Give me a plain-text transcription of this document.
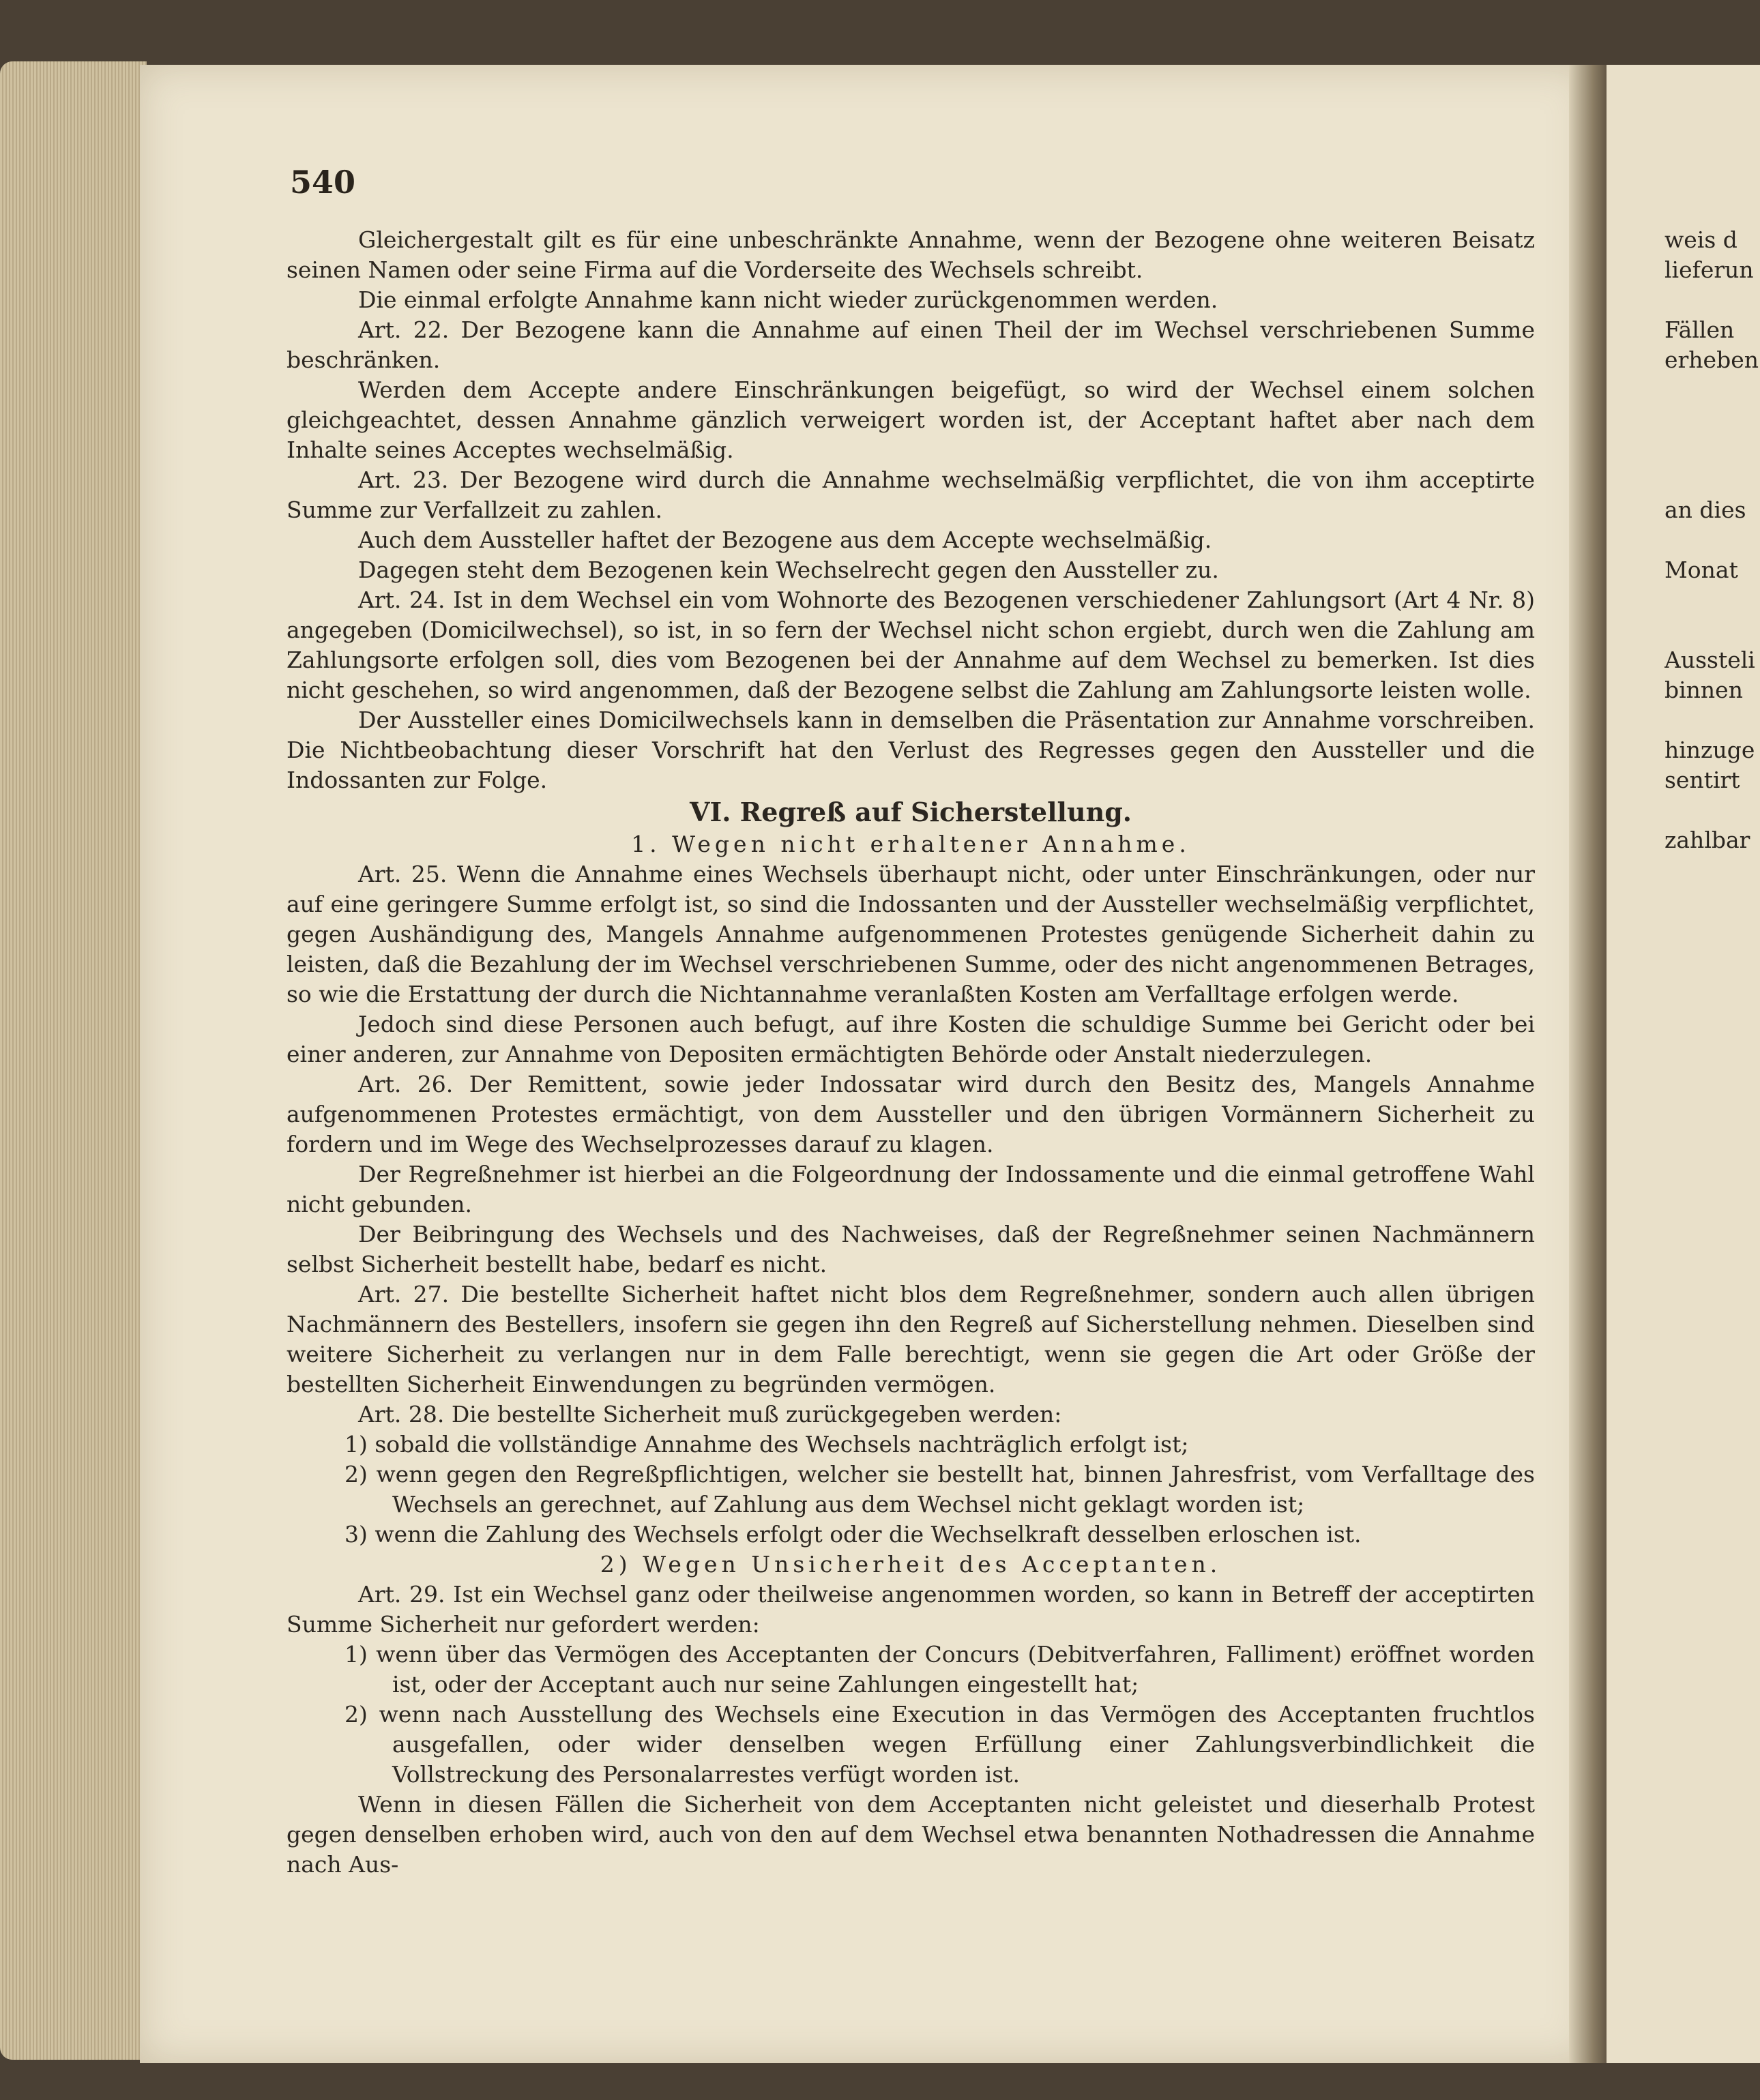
540

Gleichergestalt gilt es für eine unbeschränkte Annahme, wenn der Bezogene ohne weiteren Beisatz seinen Namen oder seine Firma auf die Vorderseite des Wechsels schreibt.

Die einmal erfolgte Annahme kann nicht wieder zurückgenommen werden.

Art. 22. Der Bezogene kann die Annahme auf einen Theil der im Wechsel verschriebenen Summe beschränken.

Werden dem Accepte andere Einschränkungen beigefügt, so wird der Wechsel einem solchen gleichgeachtet, dessen Annahme gänzlich verweigert worden ist, der Acceptant haftet aber nach dem Inhalte seines Acceptes wechselmäßig.

Art. 23. Der Bezogene wird durch die Annahme wechselmäßig verpflichtet, die von ihm acceptirte Summe zur Verfallzeit zu zahlen.

Auch dem Aussteller haftet der Bezogene aus dem Accepte wechselmäßig.

Dagegen steht dem Bezogenen kein Wechselrecht gegen den Aussteller zu.

Art. 24. Ist in dem Wechsel ein vom Wohnorte des Bezogenen verschiedener Zahlungsort (Art 4 Nr. 8) angegeben (Domicilwechsel), so ist, in so fern der Wechsel nicht schon ergiebt, durch wen die Zahlung am Zahlungsorte erfolgen soll, dies vom Bezogenen bei der Annahme auf dem Wechsel zu bemerken. Ist dies nicht geschehen, so wird angenommen, daß der Bezogene selbst die Zahlung am Zahlungsorte leisten wolle.

Der Aussteller eines Domicilwechsels kann in demselben die Präsentation zur Annahme vorschreiben. Die Nichtbeobachtung dieser Vorschrift hat den Verlust des Regresses gegen den Aussteller und die Indossanten zur Folge.

VI. Regreß auf Sicherstellung.

1. Wegen nicht erhaltener Annahme.

Art. 25. Wenn die Annahme eines Wechsels überhaupt nicht, oder unter Einschränkungen, oder nur auf eine geringere Summe erfolgt ist, so sind die Indossanten und der Aussteller wechselmäßig verpflichtet, gegen Aushändigung des, Mangels Annahme aufgenommenen Protestes genügende Sicherheit dahin zu leisten, daß die Bezahlung der im Wechsel verschriebenen Summe, oder des nicht angenommenen Betrages, so wie die Erstattung der durch die Nichtannahme veranlaßten Kosten am Verfalltage erfolgen werde.

Jedoch sind diese Personen auch befugt, auf ihre Kosten die schuldige Summe bei Gericht oder bei einer anderen, zur Annahme von Depositen ermächtigten Behörde oder Anstalt niederzulegen.

Art. 26. Der Remittent, sowie jeder Indossatar wird durch den Besitz des, Mangels Annahme aufgenommenen Protestes ermächtigt, von dem Aussteller und den übrigen Vormännern Sicherheit zu fordern und im Wege des Wechselprozesses darauf zu klagen.

Der Regreßnehmer ist hierbei an die Folgeordnung der Indossamente und die einmal getroffene Wahl nicht gebunden.

Der Beibringung des Wechsels und des Nachweises, daß der Regreßnehmer seinen Nachmännern selbst Sicherheit bestellt habe, bedarf es nicht.

Art. 27. Die bestellte Sicherheit haftet nicht blos dem Regreßnehmer, sondern auch allen übrigen Nachmännern des Bestellers, insofern sie gegen ihn den Regreß auf Sicherstellung nehmen. Dieselben sind weitere Sicherheit zu verlangen nur in dem Falle berechtigt, wenn sie gegen die Art oder Größe der bestellten Sicherheit Einwendungen zu begründen vermögen.

Art. 28. Die bestellte Sicherheit muß zurückgegeben werden:

1) sobald die vollständige Annahme des Wechsels nachträglich erfolgt ist;

2) wenn gegen den Regreßpflichtigen, welcher sie bestellt hat, binnen Jahresfrist, vom Verfalltage des Wechsels an gerechnet, auf Zahlung aus dem Wechsel nicht geklagt worden ist;

3) wenn die Zahlung des Wechsels erfolgt oder die Wechselkraft desselben erloschen ist.

2) Wegen Unsicherheit des Acceptanten.

Art. 29. Ist ein Wechsel ganz oder theilweise angenommen worden, so kann in Betreff der acceptirten Summe Sicherheit nur gefordert werden:

1) wenn über das Vermögen des Acceptanten der Concurs (Debitverfahren, Falliment) eröffnet worden ist, oder der Acceptant auch nur seine Zahlungen eingestellt hat;

2) wenn nach Ausstellung des Wechsels eine Execution in das Vermögen des Acceptanten fruchtlos ausgefallen, oder wider denselben wegen Erfüllung einer Zahlungsverbindlichkeit die Vollstreckung des Personalarrestes verfügt worden ist.

Wenn in diesen Fällen die Sicherheit von dem Acceptanten nicht geleistet und dieserhalb Protest gegen denselben erhoben wird, auch von den auf dem Wechsel etwa benannten Nothadressen die Annahme nach Aus-

weis d
lieferun
Fällen
erheben
an dies
Monat
Aussteli
binnen
hinzuge
sentirt
zahlbar
